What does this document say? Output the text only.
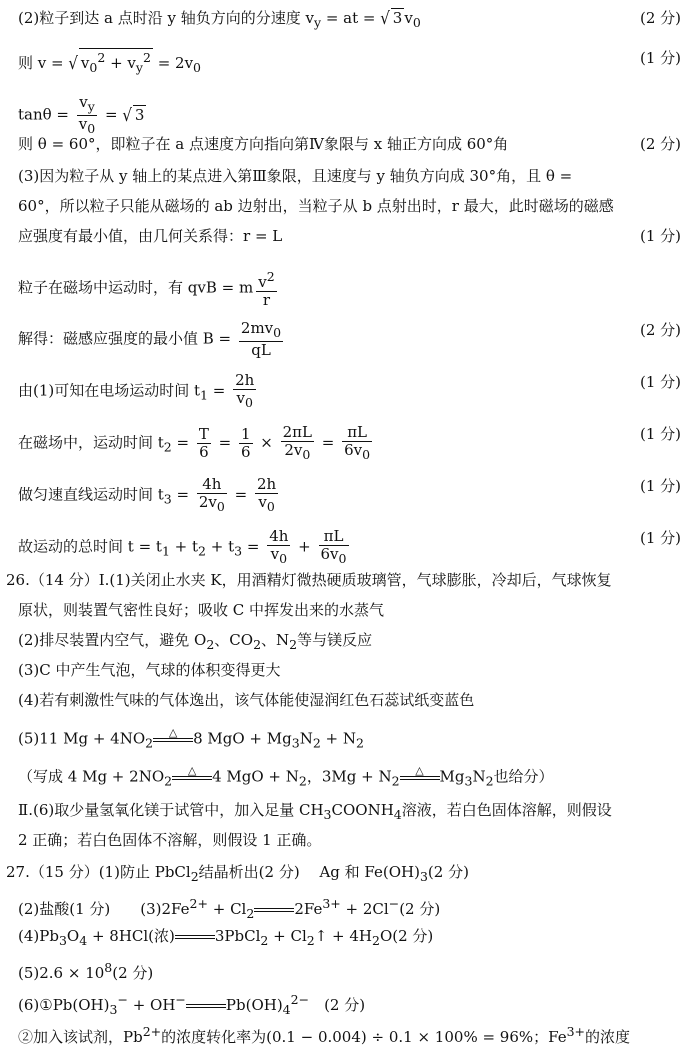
(2)粒子到达 a 点时沿 y 轴负方向的分速度 $v_y$ = at = √ 3 $v_0$	(2 分)
则 v = √ $v_0^2 + v_y^2 = 2v_0$
(1 分)
$\tan\theta = \frac{v_y}{v_0}$ = √ 3
则 θ = 60°，即粒子在 a 点速度方向指向第Ⅳ象限与 x 轴正方向成 60°角	(2 分)
(3)因为粒子从 y 轴上的某点进入第Ⅲ象限，且速度与 y 轴负方向成 30°角，且 θ =
60°，所以粒子只能从磁场的 ab 边射出，当粒子从 b 点射出时，r 最大，此时磁场的磁感
应强度有最小值，由几何关系得：r = L	(1 分)
粒子在磁场中运动时，有 qvB = m $\frac{v^2}{r}$
解得：磁感应强度的最小值 $B = \frac{2mv_0}{qL}$	(2 分)
由(1)可知在电场运动时间 $t_1 = \frac{2h}{v_0}$	(1 分)
在磁场中，运动时间 $t_2 = \frac{T}{6} = \frac{1}{6} \times \frac{2\pi L}{2v_0} = \frac{\pi L}{6v_0}$	(1 分)
做匀速直线运动时间 $t_3 = \frac{4h}{2v_0} = \frac{2h}{v_0}$	(1 分)
故运动的总时间 $t = t_1 + t_2 + t_3 = \frac{4h}{v_0} + \frac{\pi L}{6v_0}$	(1 分)
26.（14 分）Ⅰ.(1)关闭止水夹 K，用酒精灯微热硬质玻璃管，气球膨胀，冷却后，气球恢复
原状，则装置气密性良好；吸收 C 中挥发出来的水蒸气
(2)排尽装置内空气，避免 $O_2$、$CO_2$、$N_2$等与镁反应
(3)C 中产生气泡，气球的体积变得更大
(4)若有刺激性气味的气体逸出，该气体能使湿润红色石蕊试纸变蓝色
(5)11 $Mg + 4NO_2$
△	8 MgO + $Mg_3N_2 + N_2$
（写成 4 $Mg + 2NO_2$
△	4 MgO + $N_2$，$3Mg + N_2$
△	$Mg_3N_2$也给分）
Ⅱ.(6)取少量氢氧化镁于试管中，加入足量 $CH_3COONH_4$溶液，若白色固体溶解，则假设
2 正确；若白色固体不溶解，则假设 1 正确。
27.（15 分）(1)防止 PbCl$_2$结晶析出(2 分)　 Ag 和 $Fe(OH)_3(2$ 分)
(2)盐酸(1 分)　　$(3)2Fe^{2+} + Cl_2$	$2Fe^{3+} + 2Cl^-(2$ 分)
$(4)Pb_3O_4 + 8HCl$(浓)	3PbCl$_2$ + $Cl_2↑ + 4H_2O(2$ 分)
$(5)2.6 \times 10^8(2$ 分)
$(6)①Pb(OH)_3^- + OH^-$	$Pb(OH)_4^{2-}$　(2 分)
②加入该试剂，$Pb^{2+}$的浓度转化率为(0.1 − 0.004) ÷ 0.1 × 100% = 96%；$Fe^{3+}$的浓度
